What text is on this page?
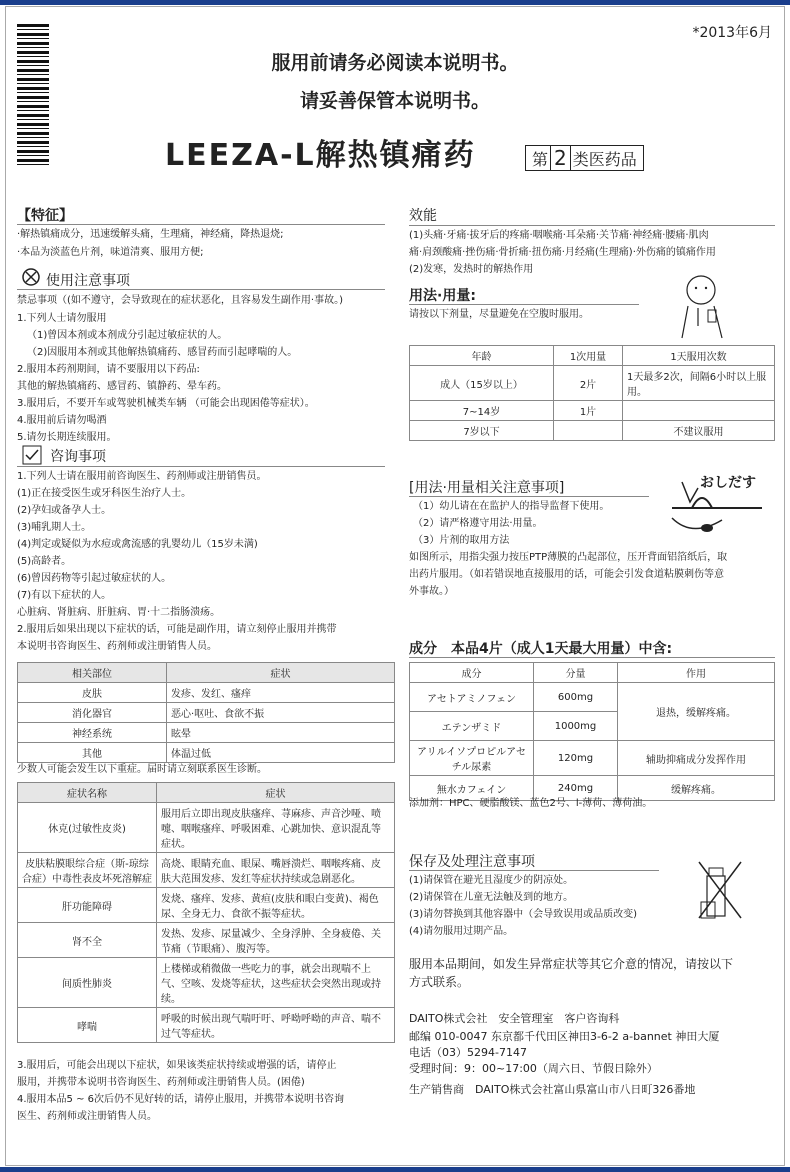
*2013年6月
服用前请务必阅读本说明书。
请妥善保管本说明书。
LEEZA-L解热镇痛药	第 2 类医药品
【特征】
·解热镇痛成分，迅速缓解头痛，生理痛，神经痛，降热退烧;
·本品为淡蓝色片剂，味道清爽、服用方便;
使用注意事项
禁忌事项（(如不遵守，会导致现在的症状恶化，且容易发生副作用·事故。)
1.下列人士请勿服用
（1)曾因本剂或本剂成分引起过敏症状的人。
（2)因服用本剂或其他解热镇痛药、感冒药而引起哮喘的人。
2.服用本药剂期间，请不要服用以下药品:
其他的解热镇痛药、感冒药、镇静药、晕车药。
3.服用后，不要开车或驾驶机械类车辆 （可能会出现困倦等症状）。
4.服用前后请勿喝酒
5.请勿长期连续服用。
咨询事项
1.下列人士请在服用前咨询医生、药剂师或注册销售员。
(1)正在接受医生或牙科医生治疗人士。
(2)孕妇或备孕人士。
(3)哺乳期人士。
(4)判定或疑似为水痘或禽流感的乳婴幼儿（15岁未满)
(5)高龄者。
(6)曾因药物等引起过敏症状的人。
(7)有以下症状的人。
心脏病、肾脏病、肝脏病、胃·十二指肠溃疡。
2.服用后如果出现以下症状的话，可能是副作用，请立刻停止服用并携带
本说明书咨询医生、药剂师或注册销售人员。
相关部位	症状
皮肤	发疹、发红、瘙痒
消化器官	恶心·呕吐、食欲不振
神经系统	眩晕
其他	体温过低
少数人可能会发生以下重症。届时请立刻联系医生诊断。
症状名称	症状
休克(过敏性皮炎)	服用后立即出现皮肤瘙痒、荨麻疹、声音沙哑、喷嚏、咽喉瘙痒、呼吸困难、心跳加快、意识混乱等症状。
皮肤粘膜眼综合症（斯-琼综合症）中毒性表皮坏死溶解症	高烧、眼睛充血、眼屎、嘴唇溃烂、咽喉疼痛、皮肤大范围发疹、发红等症状持续或急剧恶化。
肝功能障碍	发烧、瘙痒、发疹、黄疸(皮肤和眼白变黄)、褐色尿、全身无力、食欲不振等症状。
肾不全	发热、发疹、尿量减少、全身浮肿、全身疲倦、关节痛（节眼痛）、腹泻等。
间质性肺炎	上楼梯或稍微做一些吃力的事，就会出现喘不上气、空咳、发烧等症状，这些症状会突然出现或持续。
哮喘	呼吸的时候出现气喘吁吁、呼呦呼呦的声音、喘不过气等症状。
3.服用后，可能会出现以下症状，如果该类症状持续或增强的话，请停止
服用，并携带本说明书咨询医生、药剂师或注册销售人员。(困倦)
4.服用本品5 ~ 6次后仍不见好转的话，请停止服用，并携带本说明书咨询
医生、药剂师或注册销售人员。
效能
(1)头痛·牙痛·拔牙后的疼痛·咽喉痛·耳朵痛·关节痛·神经痛·腰痛·肌肉
痛·肩颈酸痛·挫伤痛·骨折痛·扭伤痛·月经痛(生理痛)·外伤痛的镇痛作用
(2)发寒，发热时的解热作用
用法·用量:
请按以下剂量，尽量避免在空腹时服用。
年龄	1次用量	1天服用次数
成人（15岁以上）	2片	1天最多2次，间隔6小时以上服用。
7~14岁	1片	
7岁以下		不建议服用
[用法·用量相关注意事项]
（1）幼儿请在在监护人的指导监督下使用。
（2）请严格遵守用法·用量。
（3）片剂的取用方法
如图所示，用指尖强力按压PTP薄膜的凸起部位，压开背面铝箔纸后，取
出药片服用。（如若错误地直接服用的话，可能会引发食道粘膜刺伤等意
外事故。）
おしだす
成分　本品4片（成人1天最大用量）中含:
成分	分量	作用
アセトアミノフェン	600mg	退热，缓解疼痛。
エテンザミド	1000mg	
アリルイソプロピルアセチル尿素	120mg	辅助抑痛成分发挥作用
無水カフェイン	240mg	缓解疼痛。
添加剂：HPC、硬脂酸镁、蓝色2号、l-薄荷、薄荷油。
保存及处理注意事项
(1)请保管在避光且湿度少的阴凉处。
(2)请保管在儿童无法触及到的地方。
(3)请勿替换到其他容器中（会导致误用或品质改变)
(4)请勿服用过期产品。
服用本品期间，如发生异常症状等其它介意的情况，请按以下
方式联系。
DAITO株式会社　安全管理室　客户咨询科
邮编 010-0047 东京都千代田区神田3-6-2 a-bannet 神田大厦
电话（03）5294-7147
受理时间：9：00~17:00（周六日、节假日除外）
生产销售商　DAITO株式会社富山県富山市八日町326番地
